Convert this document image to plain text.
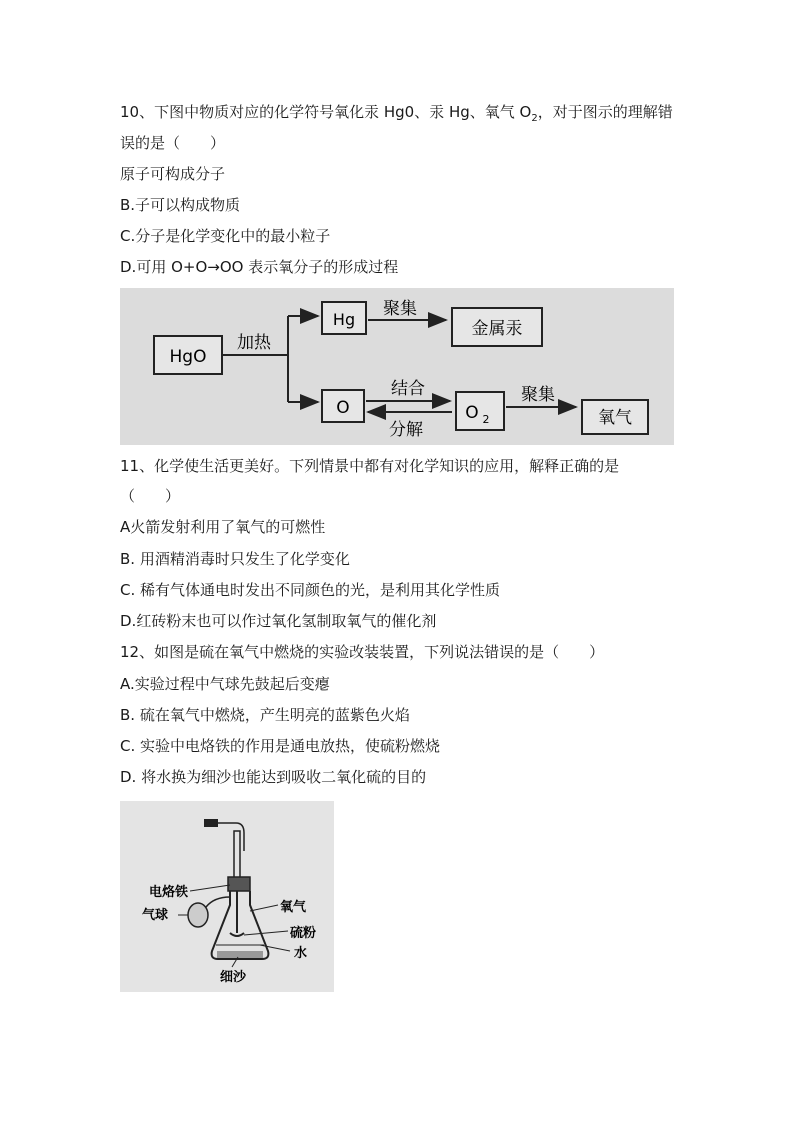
10、下图中物质对应的化学符号氧化汞 Hg0、汞 Hg、氧气 $O_2$，对于图示的理解错
误的是（　　）
原子可构成分子
B.子可以构成物质
C.分子是化学变化中的最小粒子
D.可用 O+O→OO 表示氧分子的形成过程
HgO
加热
Hg
聚集
金属汞
O
结合
分解
O 2
聚集
氧气
11、化学使生活更美好。下列情景中都有对化学知识的应用，解释正确的是
（　　）
A火箭发射利用了氧气的可燃性
B. 用酒精消毒时只发生了化学变化
C. 稀有气体通电时发出不同颜色的光，是利用其化学性质
D.红砖粉末也可以作过氧化氢制取氧气的催化剂
12、如图是硫在氧气中燃烧的实验改装装置，下列说法错误的是（　　）
A.实验过程中气球先鼓起后变瘪
B. 硫在氧气中燃烧，产生明亮的蓝紫色火焰
C. 实验中电烙铁的作用是通电放热，使硫粉燃烧
D. 将水换为细沙也能达到吸收二氧化硫的目的
电烙铁
气球
氧气
硫粉
水
细沙
